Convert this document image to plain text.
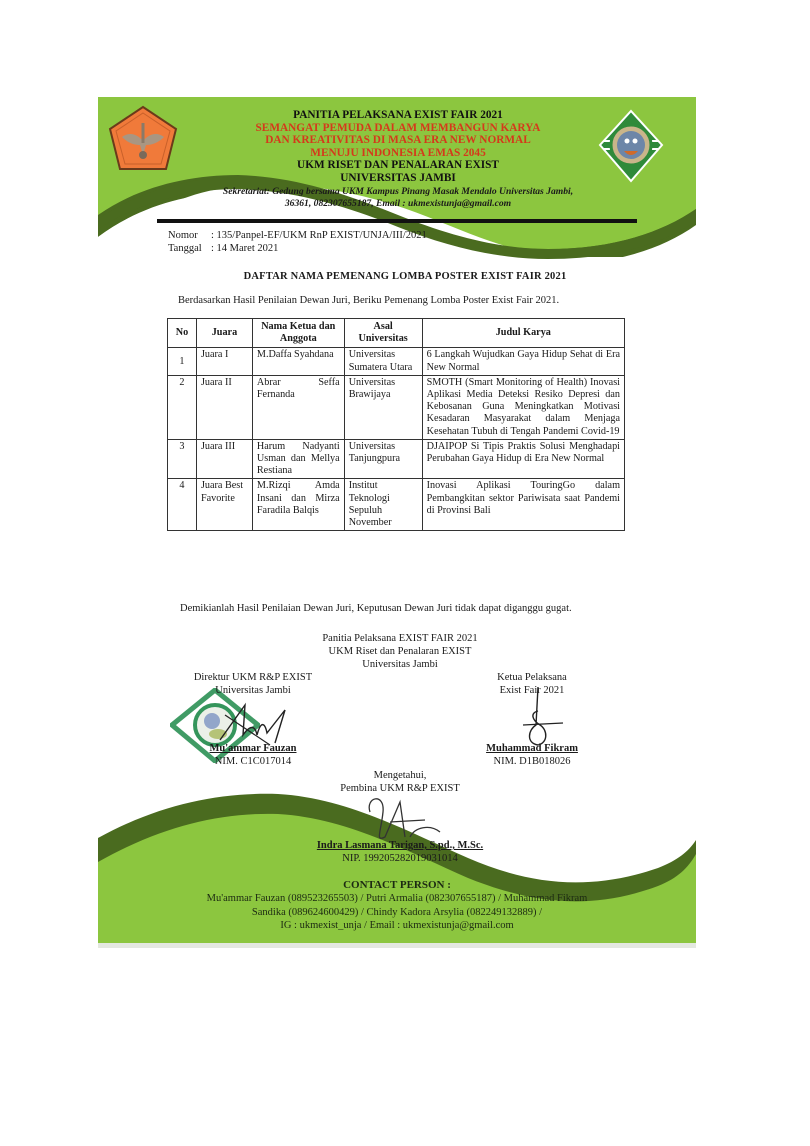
PANITIA PELAKSANA EXIST FAIR 2021
SEMANGAT PEMUDA DALAM MEMBANGUN KARYA
DAN KREATIVITAS DI MASA ERA NEW NORMAL
MENUJU INDONESIA EMAS 2045
UKM RISET DAN PENALARAN EXIST
UNIVERSITAS JAMBI
Sekretariat: Gedung bersama UKM Kampus Pinang Masak Mendalo Universitas Jambi,
36361, 082307655187, Email : ukmexistunja@gmail.com
Nomor	: 135/Panpel-EF/UKM RnP EXIST/UNJA/III/2021
Tanggal : 14 Maret 2021
DAFTAR NAMA PEMENANG LOMBA POSTER EXIST FAIR 2021
Berdasarkan Hasil Penilaian Dewan Juri, Beriku Pemenang Lomba Poster Exist Fair 2021.
No	Juara	Nama Ketua dan Anggota	Asal Universitas	Judul Karya
1	Juara I	M.Daffa Syahdana	Universitas Sumatera Utara	6 Langkah Wujudkan Gaya Hidup Sehat di Era New Normal
2	Juara II	Abrar Seffa Fernanda	Universitas Brawijaya	SMOTH (Smart Monitoring of Health) Inovasi Aplikasi Media Deteksi Resiko Depresi dan Kebosanan Guna Meningkatkan Motivasi Kesadaran Masyarakat dalam Menjaga Kesehatan Tubuh di Tengah Pandemi Covid-19
3	Juara III	Harum Nadyanti Usman dan Mellya Restiana	Universitas Tanjungpura	DJAIPOP Si Tipis Praktis Solusi Menghadapi Perubahan Gaya Hidup di Era New Normal
4	Juara Best Favorite	M.Rizqi Amda Insani dan Mirza Faradila Balqis	Institut Teknologi Sepuluh November	Inovasi Aplikasi TouringGo dalam Pembangkitan sektor Pariwisata saat Pandemi di Provinsi Bali
Demikianlah Hasil Penilaian Dewan Juri, Keputusan Dewan Juri tidak dapat diganggu gugat.
Panitia Pelaksana EXIST FAIR 2021
UKM Riset dan Penalaran EXIST
Universitas Jambi
Direktur UKM R&P EXIST
Universitas Jambi
Mu'ammar Fauzan
NIM. C1C017014
Ketua Pelaksana
Exist Fair 2021
Muhammad Fikram
NIM. D1B018026
Mengetahui,
Pembina UKM R&P EXIST
Indra Lasmana Tarigan, S.pd., M.Sc.
NIP. 199205282019031014
CONTACT PERSON :
Mu'ammar Fauzan (089523265503) / Putri Armalia (082307655187) / Muhammad Fikram
Sandika (089624600429) / Chindy Kadora Arsylia (082249132889) /
IG : ukmexist_unja / Email : ukmexistunja@gmail.com
